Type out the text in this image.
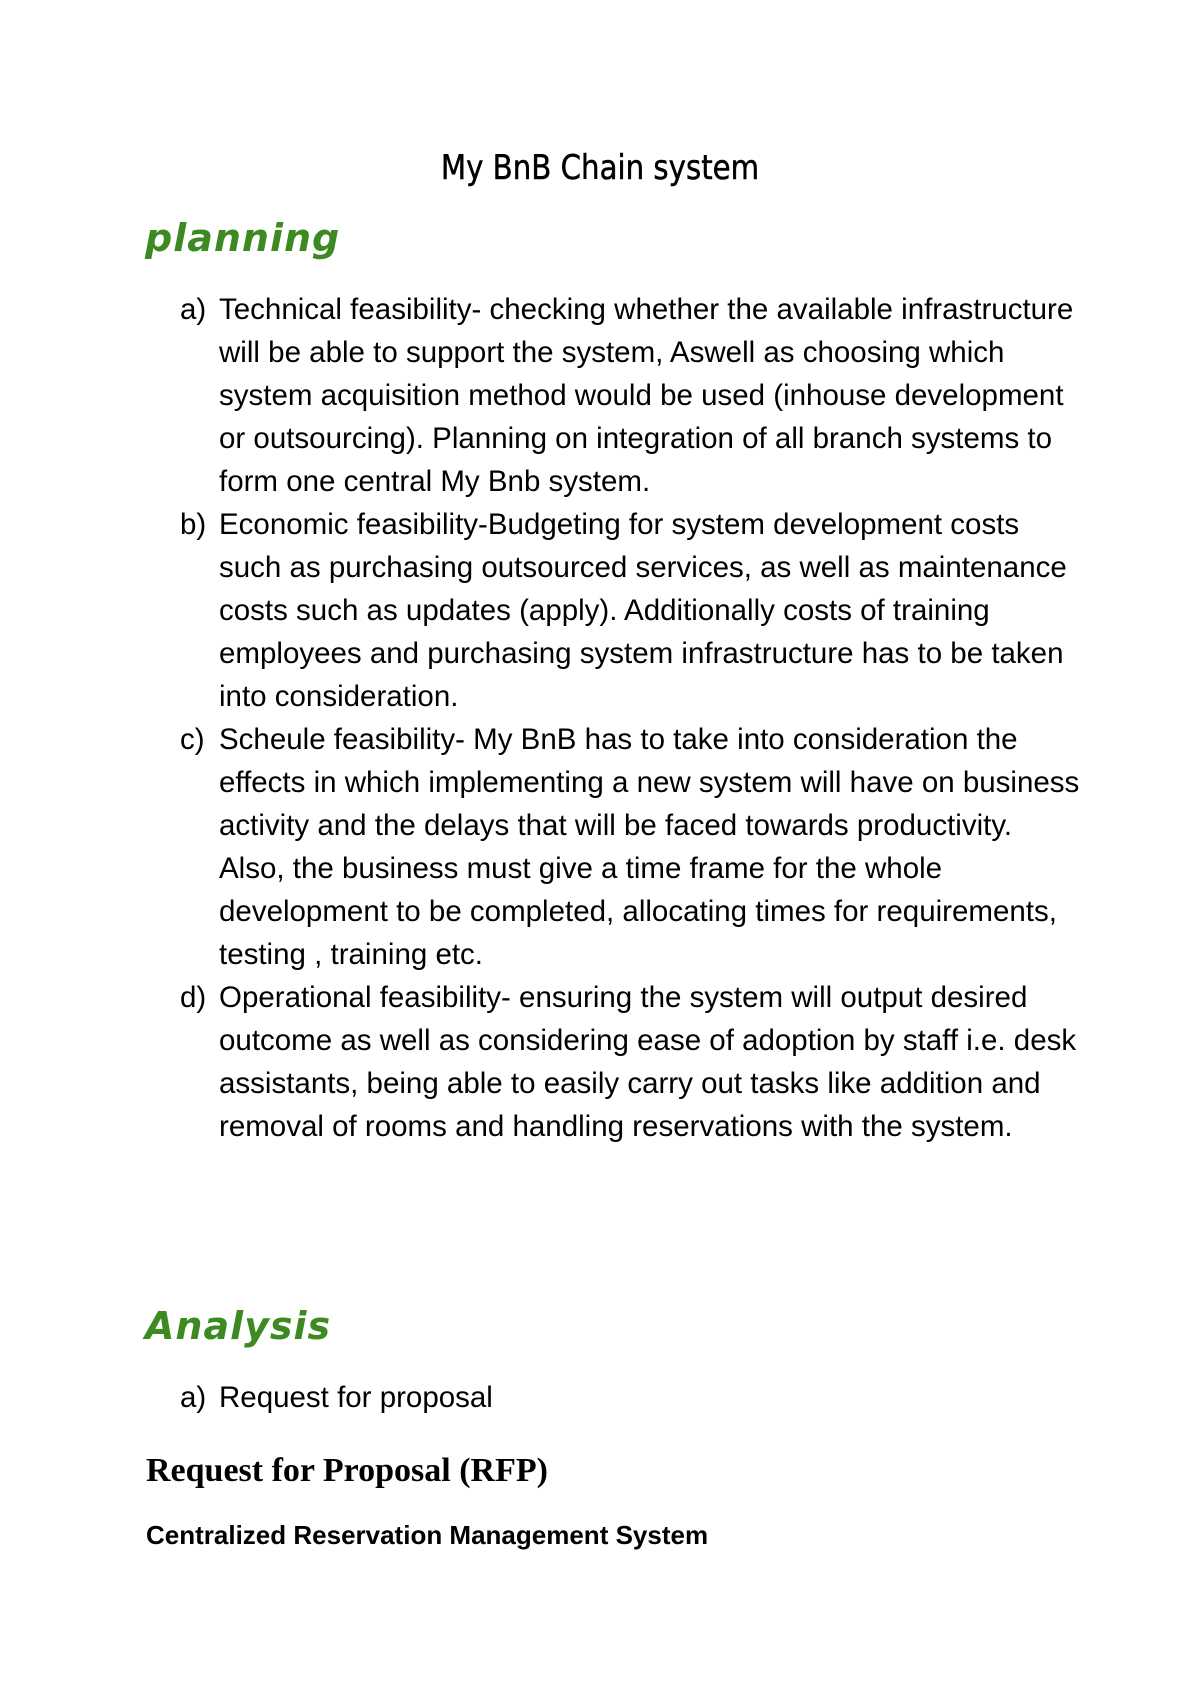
My BnB Chain system
planning
a) Technical feasibility- checking whether the available infrastructure will be able to support the system, Aswell as choosing which system acquisition method would be used (inhouse development or outsourcing). Planning on integration of all branch systems to form one central My Bnb system.
b) Economic feasibility-Budgeting for system development costs such as purchasing outsourced services, as well as maintenance costs such as updates (apply). Additionally costs of training employees and purchasing system infrastructure has to be taken into consideration.
c) Scheule feasibility- My BnB has to take into consideration the effects in which implementing a new system will have on business activity and the delays that will be faced towards productivity. Also, the business must give a time frame for the whole development to be completed, allocating times for requirements, testing , training etc.
d) Operational feasibility- ensuring the system will output desired outcome as well as considering ease of adoption by staff i.e. desk assistants, being able to easily carry out tasks like addition and removal of rooms and handling reservations with the system.
Analysis
a) Request for proposal
Request for Proposal (RFP)
Centralized Reservation Management System
